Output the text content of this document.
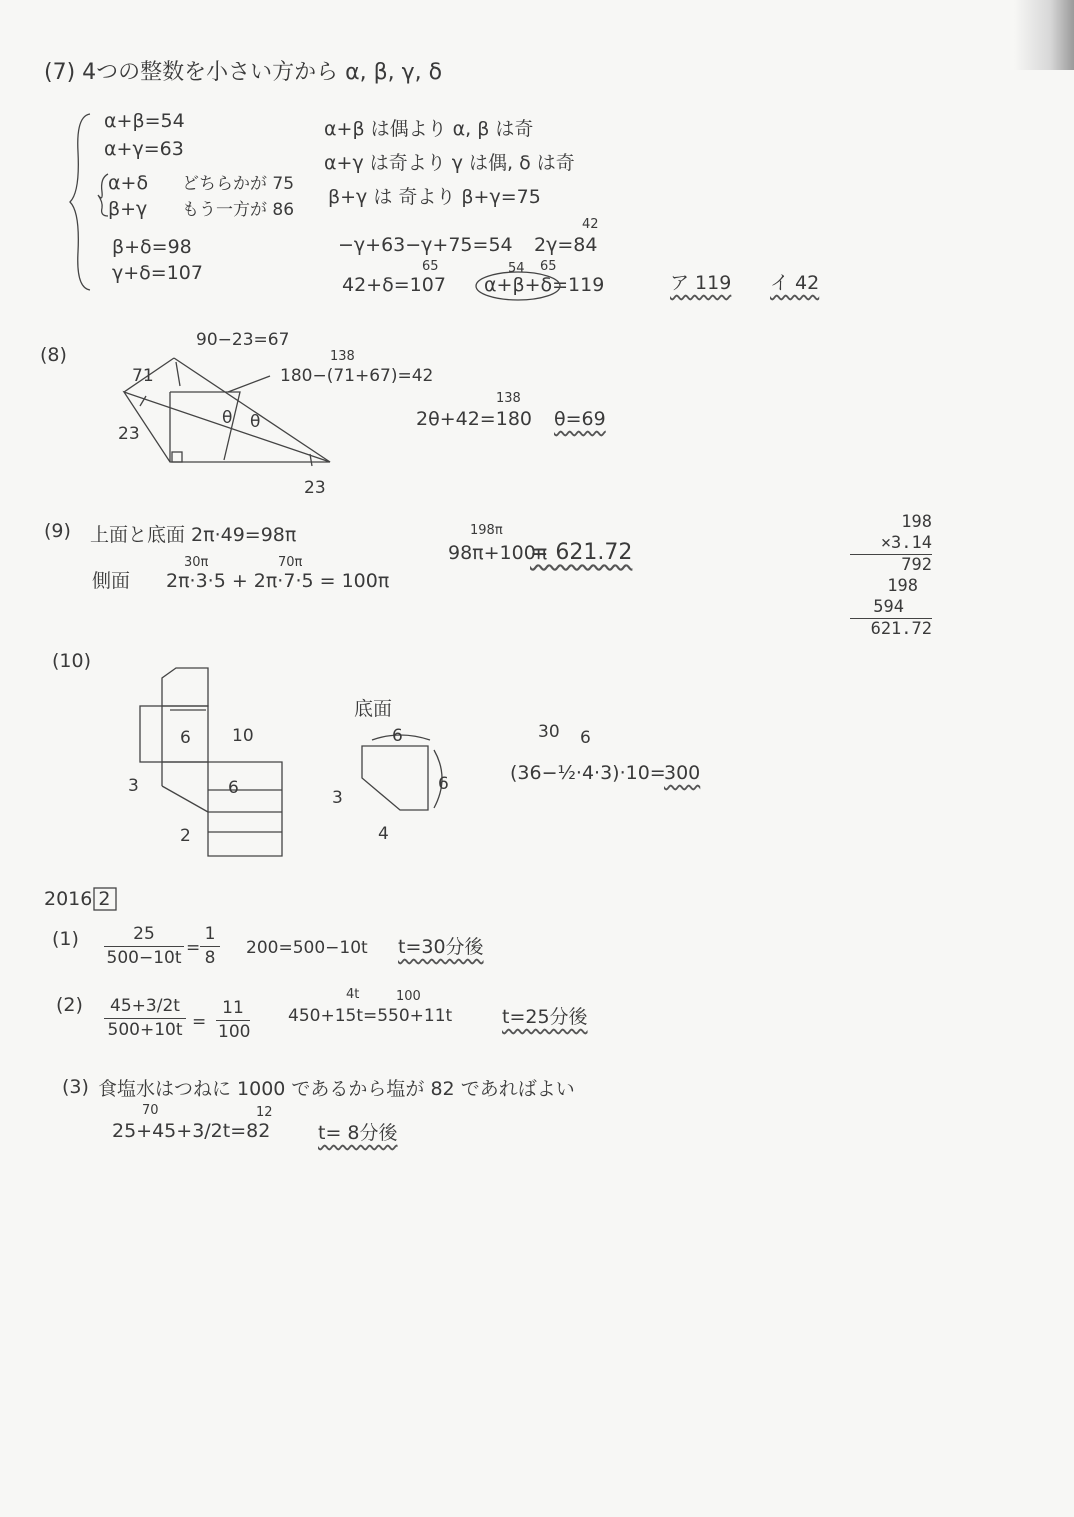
(7) 4つの整数を小さい方から α, β, γ, δ
α+β=54
α+γ=63
α+δ
β+γ
どちらかが 75
もう一方が 86
β+δ=98
γ+δ=107
α+β は偶より α, β は奇
α+γ は奇より γ は偶, δ は奇
β+γ は 奇より β+γ=75
−γ+63−γ+75=54
42
2γ=84
65
42+δ=107
54 65
α+β+δ=119	ア 119 イ 42
(8)
90−23=67
138
180−(71+67)=42
71
23
23
θ θ
138
2θ+42=180 θ=69
(9) 上面と底面 2π·49=98π
30π	70π
側面 2π·3·5 + 2π·7·5 = 100π
198π
98π+100π
= 621.72
198
×3.14
792
198
594
621.72
(10)
6 10
3	6
2
底面
6
6
3
4
30 6
(36−½·4·3)·10=
300
2016 2
$(1) \frac{25}{500-10t} = \frac{1}{8} 200=500-10t$ t=30分後
$(2) \frac{45+3/2t}{500+10t} = \frac{11}{100}$
4t	100
450+15t=550+11t	t=25分後
(3) 食塩水はつねに 1000 であるから塩が 82 であればよい
70	12
25+45+3/2t=82	t= 8分後
